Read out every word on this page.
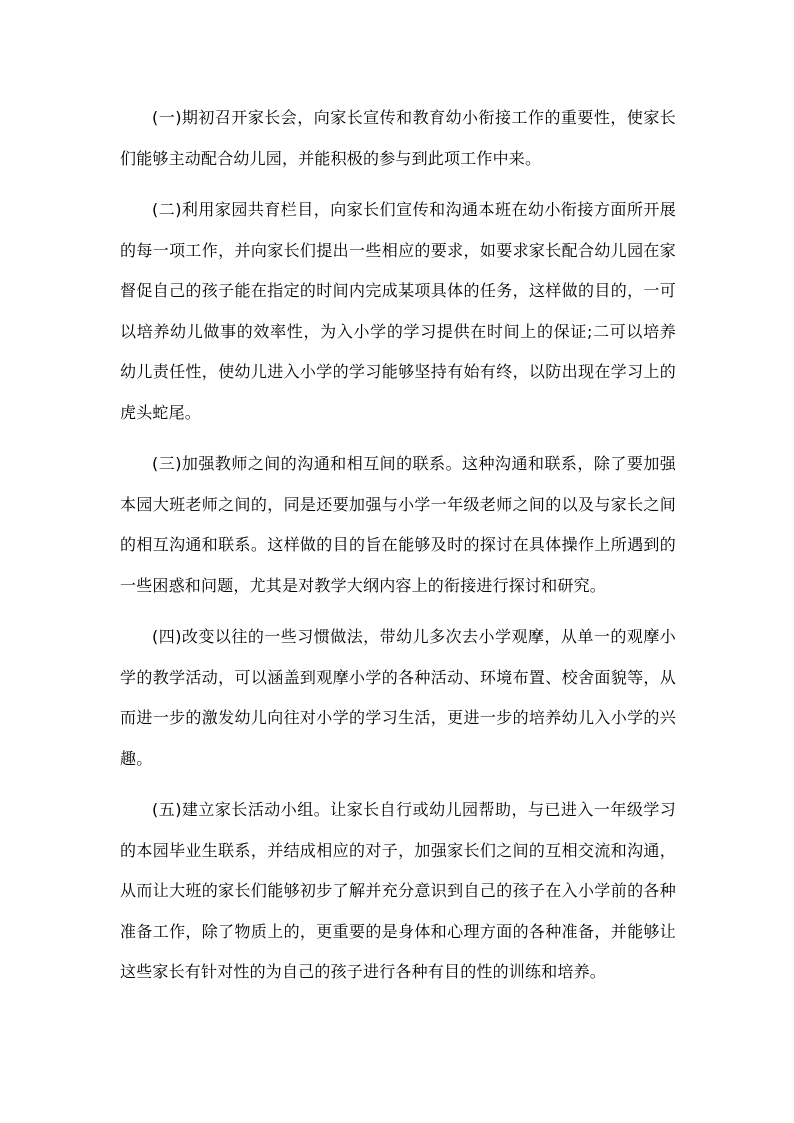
(一)期初召开家长会，向家长宣传和教育幼小衔接工作的重要性，使家长们能够主动配合幼儿园，并能积极的参与到此项工作中来。

(二)利用家园共育栏目，向家长们宣传和沟通本班在幼小衔接方面所开展的每一项工作，并向家长们提出一些相应的要求，如要求家长配合幼儿园在家督促自己的孩子能在指定的时间内完成某项具体的任务，这样做的目的，一可以培养幼儿做事的效率性，为入小学的学习提供在时间上的保证;二可以培养幼儿责任性，使幼儿进入小学的学习能够坚持有始有终，以防出现在学习上的虎头蛇尾。

(三)加强教师之间的沟通和相互间的联系。这种沟通和联系，除了要加强本园大班老师之间的，同是还要加强与小学一年级老师之间的以及与家长之间的相互沟通和联系。这样做的目的旨在能够及时的探讨在具体操作上所遇到的一些困惑和问题，尤其是对教学大纲内容上的衔接进行探讨和研究。

(四)改变以往的一些习惯做法，带幼儿多次去小学观摩，从单一的观摩小学的教学活动，可以涵盖到观摩小学的各种活动、环境布置、校舍面貌等，从而进一步的激发幼儿向往对小学的学习生活，更进一步的培养幼儿入小学的兴趣。

(五)建立家长活动小组。让家长自行或幼儿园帮助，与已进入一年级学习的本园毕业生联系，并结成相应的对子，加强家长们之间的互相交流和沟通，从而让大班的家长们能够初步了解并充分意识到自己的孩子在入小学前的各种准备工作，除了物质上的，更重要的是身体和心理方面的各种准备，并能够让这些家长有针对性的为自己的孩子进行各种有目的性的训练和培养。
